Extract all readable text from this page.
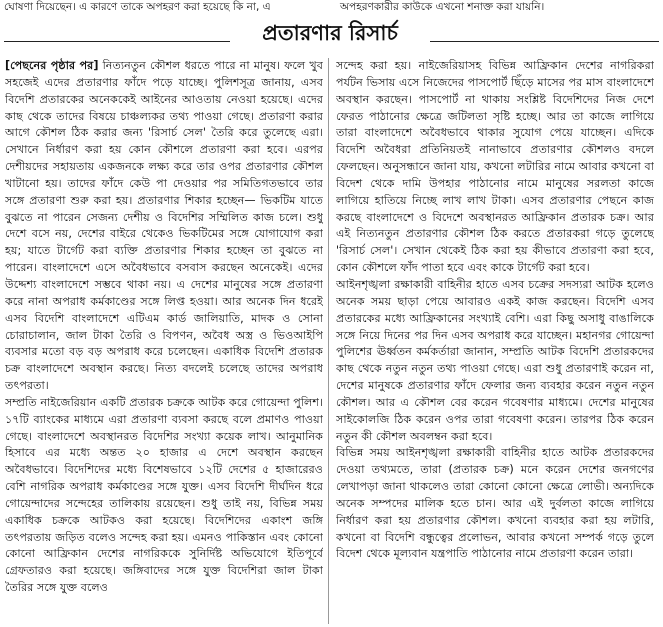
ঘোষণা দিয়েছেন। এ কারণে তাকে অপহরণ করা হয়েছে কি না, এ	অপহরণকারীর কাউকে এখনো শনাক্ত করা যায়নি।
প্রতারণার রিসার্চ

[পেছনের পৃষ্ঠার পর] নিত্যনতুন কৌশল ধরতে পারে না মানুষ। ফলে খুব সহজেই এদের প্রতারণার ফাঁদে পড়ে যাচ্ছে। পুলিশসূত্র জানায়, এসব বিদেশি প্রতারকের অনেককেই আইনের আওতায় নেওয়া হয়েছে। এদের কাছ থেকে তাদের বিষয়ে চাঞ্চল্যকর তথ্য পাওয়া গেছে। প্রতারণা করার আগে কৌশল ঠিক করার জন্য 'রিসার্চ সেল' তৈরি করে তুলেছে এরা। সেখানে নির্ধারণ করা হয় কোন কৌশলে প্রতারণা করা হবে। এরপর দেশীয়দের সহায়তায় একজনকে লক্ষ্য করে তার ওপর প্রতারণার কৌশল খাটানো হয়। তাদের ফাঁদে কেউ পা দেওয়ার পর সমিতিগতভাবে তার সঙ্গে প্রতারণা শুরু করা হয়। প্রতারণার শিকার হচ্ছেন— ভিকটিম যাতে বুঝতে না পারেন সেজন্য দেশীয় ও বিদেশির সম্মিলিত কাজ চলে। শুধু দেশে বসে নয়, দেশের বাইরে থেকেও ভিকটিমের সঙ্গে যোগাযোগ করা হয়; যাতে টার্গেট করা ব্যক্তি প্রতারণার শিকার হচ্ছেন তা বুঝতে না পারেন। বাংলাদেশে এসে অবৈধভাবে বসবাস করছেন অনেকেই। এদের উদ্দেশ্য বাংলাদেশে সম্ভবে থাকা নয়। এ দেশের মানুষের সঙ্গে প্রতারণা করে নানা অপরাধ কর্মকাণ্ডের সঙ্গে লিপ্ত হওয়া। আর অনেক দিন ধরেই এসব বিদেশি বাংলাদেশে এটিএম কার্ড জালিয়াতি, মাদক ও সোনা চোরাচালান, জাল টাকা তৈরি ও বিপণন, অবৈধ অস্ত্র ও ভিওআইপি ব্যবসার মতো বড় বড় অপরাধ করে চলেছেন। একাধিক বিদেশি প্রতারক চক্র বাংলাদেশে অবস্থান করছে। নিত্য বদলেই চলেছে তাদের অপরাধ তৎপরতা।

সম্প্রতি নাইজেরিয়ান একটি প্রতারক চক্রকে আটক করে গোয়েন্দা পুলিশ। ১৭টি ব্যাংকের মাধ্যমে এরা প্রতারণা ব্যবসা করছে বলে প্রমাণও পাওয়া গেছে। বাংলাদেশে অবস্থানরত বিদেশির সংখ্যা কয়েক লাখ। আনুমানিক হিসাবে এর মধ্যে অন্তত ২০ হাজার এ দেশে অবস্থান করছেন অবৈধভাবে। বিদেশিদের মধ্যে বিশেষভাবে ১২টি দেশের ৫ হাজারেরও বেশি নাগরিক অপরাধ কর্মকাণ্ডের সঙ্গে যুক্ত। এসব বিদেশি দীর্ঘদিন ধরে গোয়েন্দাদের সন্দেহের তালিকায় রয়েছেন। শুধু তাই নয়, বিভিন্ন সময় একাধিক চক্রকে আটকও করা হয়েছে। বিদেশিদের একাংশ জঙ্গি তৎপরতায় জড়িত বলেও সন্দেহ করা হয়। এমনও পাকিস্তান এবং কোনো কোনো আফ্রিকান দেশের নাগরিককে সুনির্দিষ্ট অভিযোগে ইতিপূর্বে গ্রেফতারও করা হয়েছে। জঙ্গিবাদের সঙ্গে যুক্ত বিদেশিরা জাল টাকা তৈরির সঙ্গে যুক্ত বলেও

সন্দেহ করা হয়। নাইজেরিয়াসহ বিভিন্ন আফ্রিকান দেশের নাগরিকরা পর্যটন ভিসায় এসে নিজেদের পাসপোর্ট ছিঁড়ে মাসের পর মাস বাংলাদেশে অবস্থান করছেন। পাসপোর্ট না থাকায় সংশ্লিষ্ট বিদেশিদের নিজ দেশে ফেরত পাঠানোর ক্ষেত্রে জটিলতা সৃষ্টি হচ্ছে। আর তা কাজে লাগিয়ে তারা বাংলাদেশে অবৈধভাবে থাকার সুযোগ পেয়ে যাচ্ছেন। এদিকে বিদেশি অবৈধরা প্রতিনিয়তই নানাভাবে প্রতারণার কৌশলও বদলে ফেলছেন। অনুসন্ধানে জানা যায়, কখনো লটারির নামে আবার কখনো বা বিদেশ থেকে দামি উপহার পাঠানোর নামে মানুষের সরলতা কাজে লাগিয়ে হাতিয়ে নিচ্ছে লাখ লাখ টাকা। এসব প্রতারণার পেছনে কাজ করছে বাংলাদেশে ও বিদেশে অবস্থানরত আফ্রিকান প্রতারক চক্র। আর এই নিত্যনতুন প্রতারণার কৌশল ঠিক করতে প্রতারকরা গড়ে তুলেছে 'রিসার্চ সেল'। সেখান থেকেই ঠিক করা হয় কীভাবে প্রতারণা করা হবে, কোন কৌশলে ফাঁদ পাতা হবে এবং কাকে টার্গেট করা হবে।

আইনশৃঙ্খলা রক্ষাকারী বাহিনীর হাতে এসব চক্রের সদস্যরা আটক হলেও অনেক সময় ছাড়া পেয়ে আবারও একই কাজ করছেন। বিদেশি এসব প্রতারকের মধ্যে আফ্রিকানের সংখ্যাই বেশি। এরা কিছু অসাধু বাঙালিকে সঙ্গে নিয়ে দিনের পর দিন এসব অপরাধ করে যাচ্ছেন। মহানগর গোয়েন্দা পুলিশের ঊর্ধ্বতন কর্মকর্তারা জানান, সম্প্রতি আটক বিদেশি প্রতারকদের কাছ থেকে নতুন নতুন তথ্য পাওয়া গেছে। এরা শুধু প্রতারণাই করেন না, দেশের মানুষকে প্রতারণার ফাঁদে ফেলার জন্য ব্যবহার করেন নতুন নতুন কৌশল। আর এ কৌশল বের করেন গবেষণার মাধ্যমে। দেশের মানুষের সাইকোলজি ঠিক করেন ওপর তারা গবেষণা করেন। তারপর ঠিক করেন নতুন কী কৌশল অবলম্বন করা হবে।

বিভিন্ন সময় আইনশৃঙ্খলা রক্ষাকারী বাহিনীর হাতে আটক প্রতারকদের দেওয়া তথ্যমতে, তারা (প্রতারক চক্র) মনে করেন দেশের জনগণের লেখাপড়া জানা থাকলেও তারা কোনো কোনো ক্ষেত্রে লোভী। অন্যদিকে অনেক সম্পদের মালিক হতে চান। আর এই দুর্বলতা কাজে লাগিয়ে নির্ধারণ করা হয় প্রতারণার কৌশল। কখনো ব্যবহার করা হয় লটারি, কখনো বা বিদেশি বন্ধুত্বের প্রলোভন, আবার কখনো সম্পর্ক গড়ে তুলে বিদেশ থেকে মূল্যবান যন্ত্রপাতি পাঠানোর নামে প্রতারণা করেন তারা।
